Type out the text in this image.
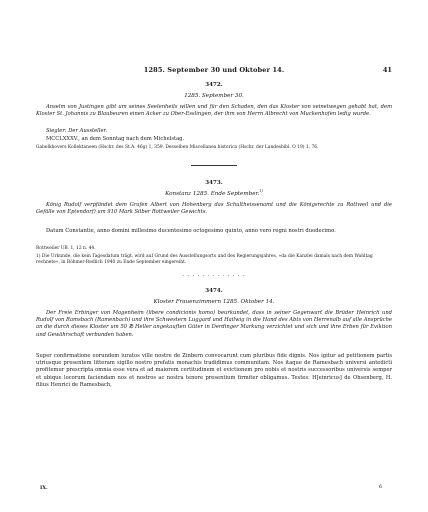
1285. September 30 und Oktober 14.	41
3472.
1285. September 30.
Anselm von Justingen gibt um seines Seelenheils willen und für den Schaden, den das Kloster von seinetwegen gehabt hat, dem Kloster St. Johannis zu Blaubeuren einen Acker zu Ober-Esslingen, der ihm von Herrn Albrecht von Muckenhofen ledig wurde.
Siegler: Der Aussteller.
MCCLXXXV., an dem Sonntag nach dem Michelstag.
Gabelkhovers Kollektaneen (Hschr. des St.A. 46g) 1, 359. Desselben Miscellanea historica (Hschr. der Landesbibl. O 19) 1, 76.
3473.
Konstanz 1285. Ende September.$^{1)}$
König Rudolf verpfändet dem Grafen Albert von Hohenberg das Schultheissenamt und die Königsrechte zu Rottweil und die Gefälle von Ep(endorf) um 910 Mark Silber Rottweiler Gewichts.
Datum Constantie, anno domini millesimo ducentesimo octogesimo quinto, anno vero regni nostri duodecimo.
Rottweiler UB. 1, 12 n. 44.
1) Die Urkunde, die kein Tagesdatum trägt, wird auf Grund des Ausstellungsorts und des Regierungsjahres, »da die Kanzlei damals nach dem Wahltag rechnete«, in Böhmer-Redlich 1940 zu Ende September eingereiht.
- - - - - - - - - - - - -
3474.
Kloster Frauenzimmern 1285. Oktober 14.
Der Freie Erbinger von Magenheim (libere condicionis homo) beurkundet, dass in seiner Gegenwart die Brüder Heinrich und Rudolf von Ramsbach (Ramenbach) und ihre Schwestern Luggard und Hailwig in die Hand des Abts von Herrenalb auf alle Ansprüche an die durch dieses Kloster um 50 ℔ Heller angekauften Güter in Derdinger Markung verzichtet und sich und ihre Erben für Eviktion und Gewährschaft verbunden haben.
Super confirmatione eorundem iuratos ville nostre de Zinbern convocarunt cum pluribus fide dignis. Nos igitur ad petitionem partis utriusque presentem litteram sigillo nostro prefatis monachis tradidimus communitam. Nos itaque de Ramesbach universi antedicti profitemur prescripta omnia esse vera et ad maiorem certitudinem et evictionem pro nobis et nostris successoribus universis semper et ubique locorum faciendam nos et nostros ac nostra tenore presentium firmiter obligamus. Testes: H[einricus] de Ohsenberg, H. filius Henrici de Ramesbach,
IX.	6
